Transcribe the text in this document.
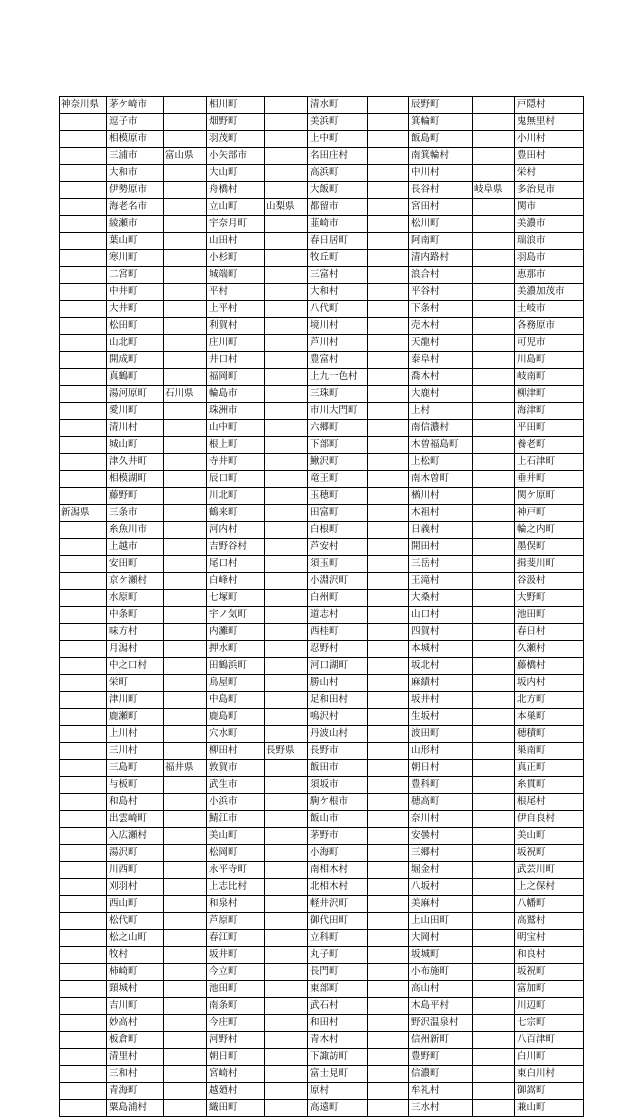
神奈川県	茅ケ崎市		相川町		清水町		辰野町		戸隠村
	逗子市		畑野町		美浜町		箕輪町		鬼無里村
	相模原市		羽茂町		上中町		飯島町		小川村
	三浦市	富山県	小矢部市		名田庄村		南箕輪村		豊田村
	大和市		大山町		高浜町		中川村		栄村
	伊勢原市		舟橋村		大飯町		長谷村	岐阜県	多治見市
	海老名市		立山町	山梨県	都留市		宮田村		関市
	綾瀬市		宇奈月町		韮崎市		松川町		美濃市
	葉山町		山田村		春日居町		阿南町		瑞浪市
	寒川町		小杉町		牧丘町		清内路村		羽島市
	二宮町		城端町		三富村		浪合村		恵那市
	中井町		平村		大和村		平谷村		美濃加茂市
	大井町		上平村		八代町		下条村		土岐市
	松田町		利賀村		境川村		売木村		各務原市
	山北町		庄川町		芦川村		天龍村		可児市
	開成町		井口村		豊富村		泰阜村		川島町
	真鶴町		福岡町		上九一色村		喬木村		岐南町
	湯河原町	石川県	輪島市		三珠町		大鹿村		柳津町
	愛川町		珠洲市		市川大門町		上村		海津町
	清川村		山中町		六郷町		南信濃村		平田町
	城山町		根上町		下部町		木曽福島町		養老町
	津久井町		寺井町		鰍沢町		上松町		上石津町
	相模湖町		辰口町		竜王町		南木曽町		垂井町
	藤野町		川北町		玉穂町		楢川村		関ケ原町
新潟県	三条市		鶴来町		田富町		木祖村		神戸町
	糸魚川市		河内村		白根町		日義村		輪之内町
	上越市		吉野谷村		芦安村		開田村		墨俣町
	安田町		尾口村		須玉町		三岳村		揖斐川町
	京ケ瀬村		白峰村		小淵沢町		王滝村		谷汲村
	水原町		七塚町		白州町		大桑村		大野町
	中条町		宇ノ気町		道志村		山口村		池田町
	味方村		内灘町		西桂町		四賀村		春日村
	月潟村		押水町		忍野村		本城村		久瀬村
	中之口村		田鶴浜町		河口湖町		坂北村		藤橋村
	栄町		鳥屋町		勝山村		麻績村		坂内村
	津川町		中島町		足和田村		坂井村		北方町
	鹿瀬町		鹿島町		鳴沢村		生坂村		本巣町
	上川村		穴水町		丹波山村		波田町		穂積町
	三川村		柳田村	長野県	長野市		山形村		巣南町
	三島町	福井県	敦賀市		飯田市		朝日村		真正町
	与板町		武生市		須坂市		豊科町		糸貫町
	和島村		小浜市		駒ケ根市		穂高町		根尾村
	出雲崎町		鯖江市		飯山市		奈川村		伊自良村
	入広瀬村		美山町		茅野市		安曇村		美山町
	湯沢町		松岡町		小海町		三郷村		坂祝町
	川西町		永平寺町		南相木村		堀金村		武芸川町
	刈羽村		上志比村		北相木村		八坂村		上之保村
	西山町		和泉村		軽井沢町		美麻村		八幡町
	松代町		芦原町		御代田町		上山田町		高鷲村
	松之山町		春江町		立科町		大岡村		明宝村
	牧村		坂井町		丸子町		坂城町		和良村
	柿崎町		今立町		長門町		小布施町		坂祝町
	頸城村		池田町		東部町		高山村		富加町
	吉川町		南条町		武石村		木島平村		川辺町
	妙高村		今庄町		和田村		野沢温泉村		七宗町
	板倉町		河野村		青木村		信州新町		八百津町
	清里村		朝日町		下諏訪町		豊野町		白川町
	三和村		宮崎村		富士見町		信濃町		東白川村
	青海町		越廼村		原村		牟礼村		御嵩町
	粟島浦村		織田町		高遠町		三水村		兼山町
